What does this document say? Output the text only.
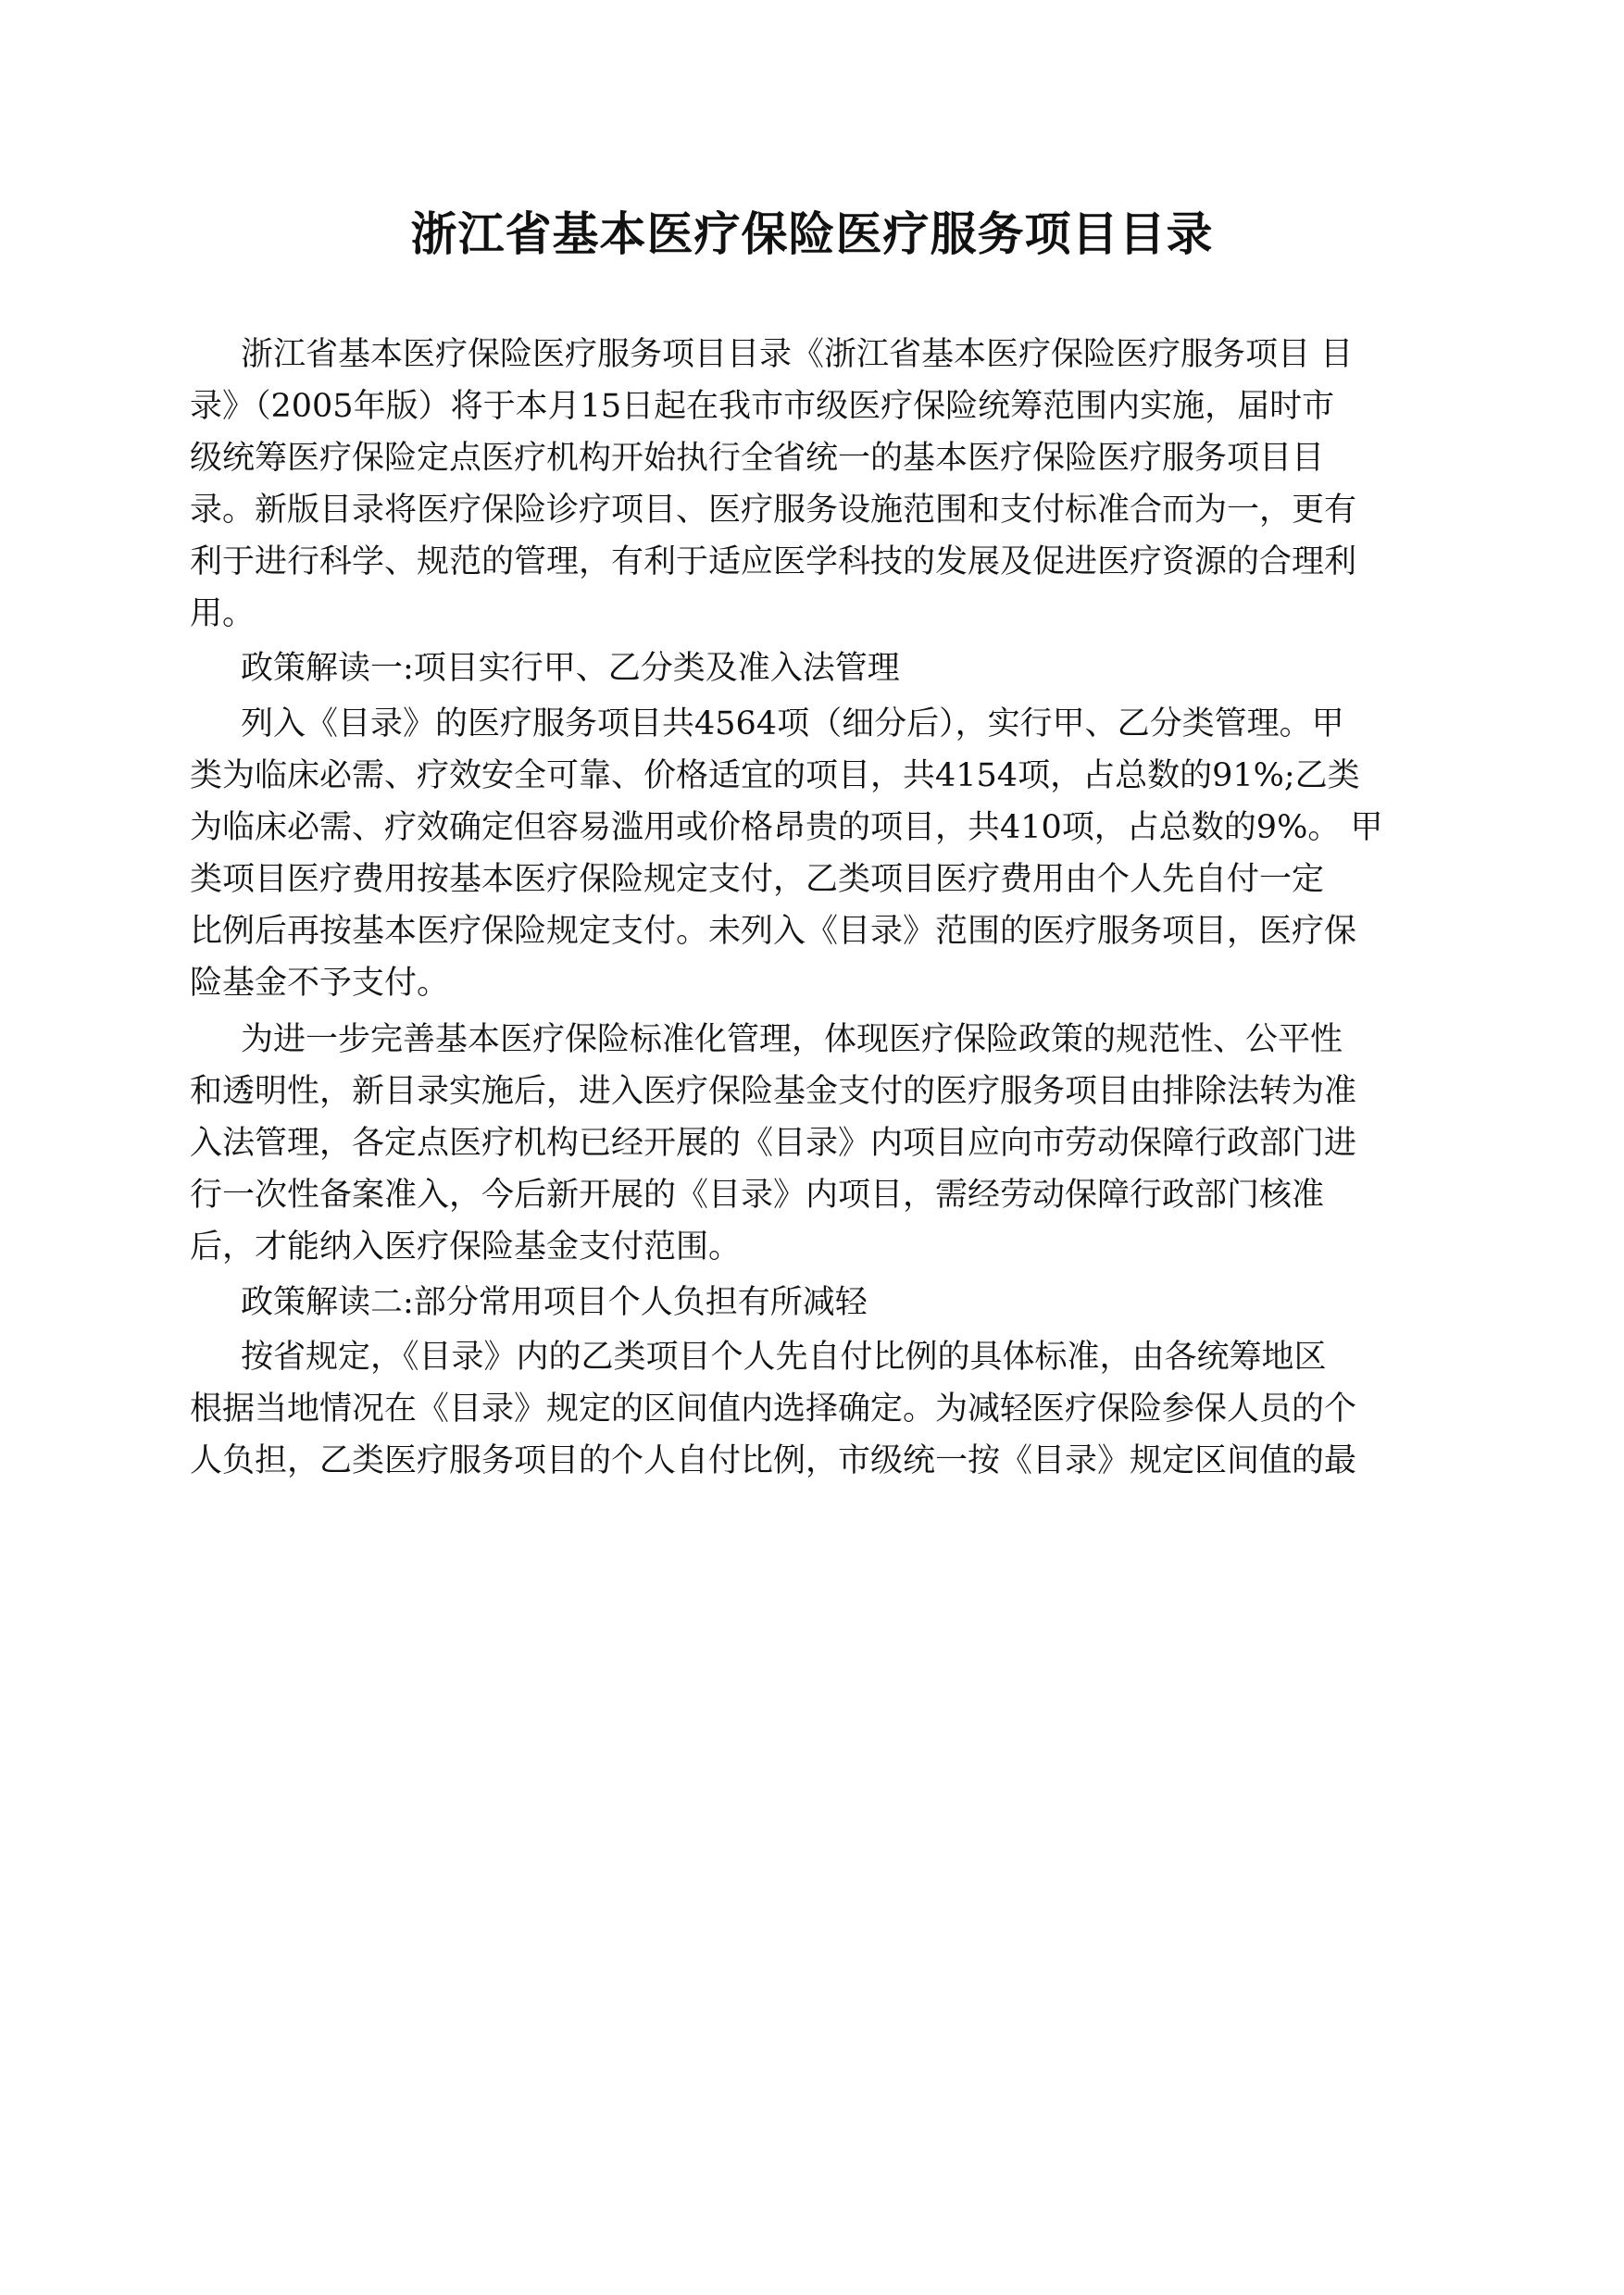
浙江省基本医疗保险医疗服务项目目录
浙江省基本医疗保险医疗服务项目目录《浙江省基本医疗保险医疗服务项目 目
录》（2005年版）将于本月15日起在我市市级医疗保险统筹范围内实施，届时市
级统筹医疗保险定点医疗机构开始执行全省统一的基本医疗保险医疗服务项目目
录。新版目录将医疗保险诊疗项目、医疗服务设施范围和支付标准合而为一，更有
利于进行科学、规范的管理，有利于适应医学科技的发展及促进医疗资源的合理利
用。
政策解读一:项目实行甲、乙分类及准入法管理
列入《目录》的医疗服务项目共4564项（细分后），实行甲、乙分类管理。甲
类为临床必需、疗效安全可靠、价格适宜的项目，共4154项，占总数的91%;乙类
为临床必需、疗效确定但容易滥用或价格昂贵的项目，共410项，占总数的9%。 甲
类项目医疗费用按基本医疗保险规定支付，乙类项目医疗费用由个人先自付一定
比例后再按基本医疗保险规定支付。未列入《目录》范围的医疗服务项目，医疗保
险基金不予支付。
为进一步完善基本医疗保险标准化管理，体现医疗保险政策的规范性、公平性
和透明性，新目录实施后，进入医疗保险基金支付的医疗服务项目由排除法转为准
入法管理，各定点医疗机构已经开展的《目录》内项目应向市劳动保障行政部门进
行一次性备案准入，今后新开展的《目录》内项目，需经劳动保障行政部门核准
后，才能纳入医疗保险基金支付范围。
政策解读二:部分常用项目个人负担有所减轻
按省规定，《目录》内的乙类项目个人先自付比例的具体标准，由各统筹地区
根据当地情况在《目录》规定的区间值内选择确定。为减轻医疗保险参保人员的个
人负担，乙类医疗服务项目的个人自付比例，市级统一按《目录》规定区间值的最
